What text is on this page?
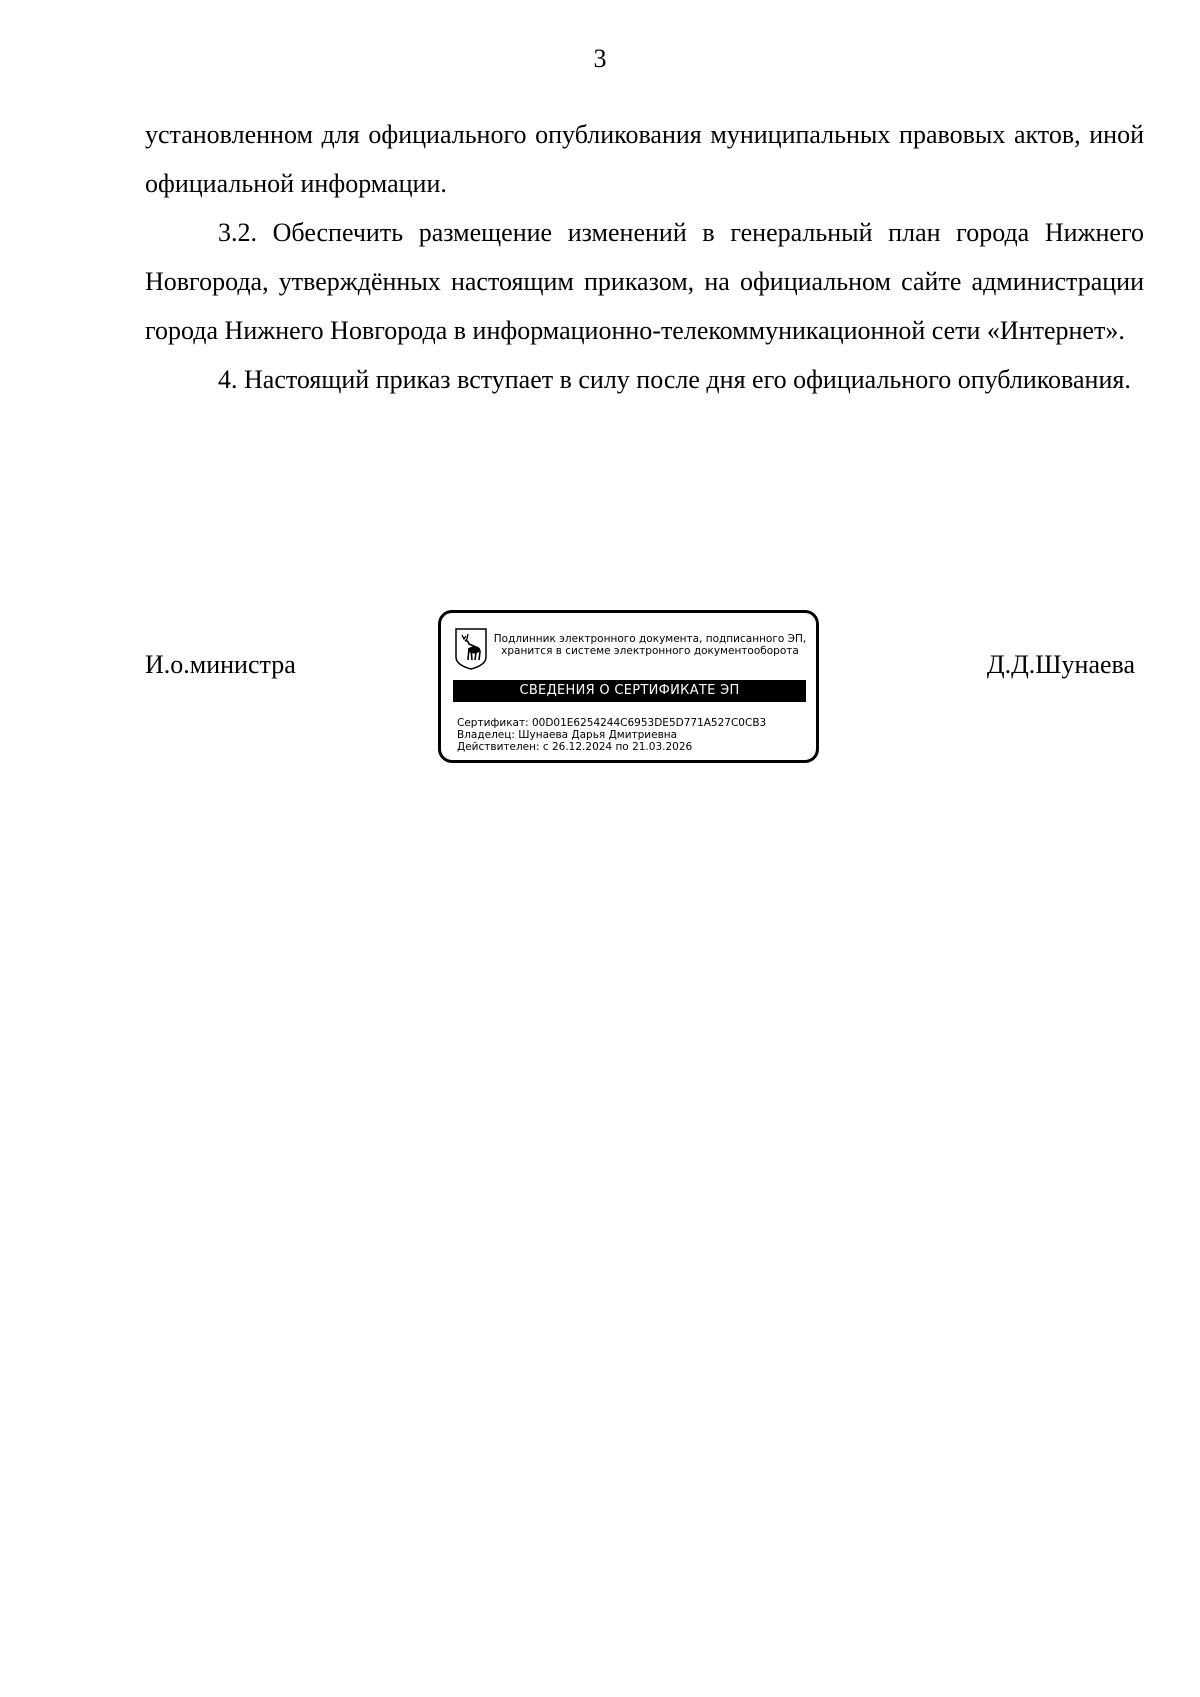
3

установленном для официального опубликования муниципальных правовых актов, иной официальной информации.

3.2. Обеспечить размещение изменений в генеральный план города Нижнего Новгорода, утверждённых настоящим приказом, на официальном сайте администрации города Нижнего Новгорода в информационно-телекоммуникационной сети «Интернет».

4. Настоящий приказ вступает в силу после дня его официального опубликования.

И.о.министра
Подлинник электронного документа, подписанного ЭП,
хранится в системе электронного документооборота
СВЕДЕНИЯ О СЕРТИФИКАТЕ ЭП
Сертификат: 00D01E6254244C6953DE5D771A527C0CB3
Владелец: Шунаева Дарья Дмитриевна
Действителен: с 26.12.2024 по 21.03.2026
Д.Д.Шунаева
